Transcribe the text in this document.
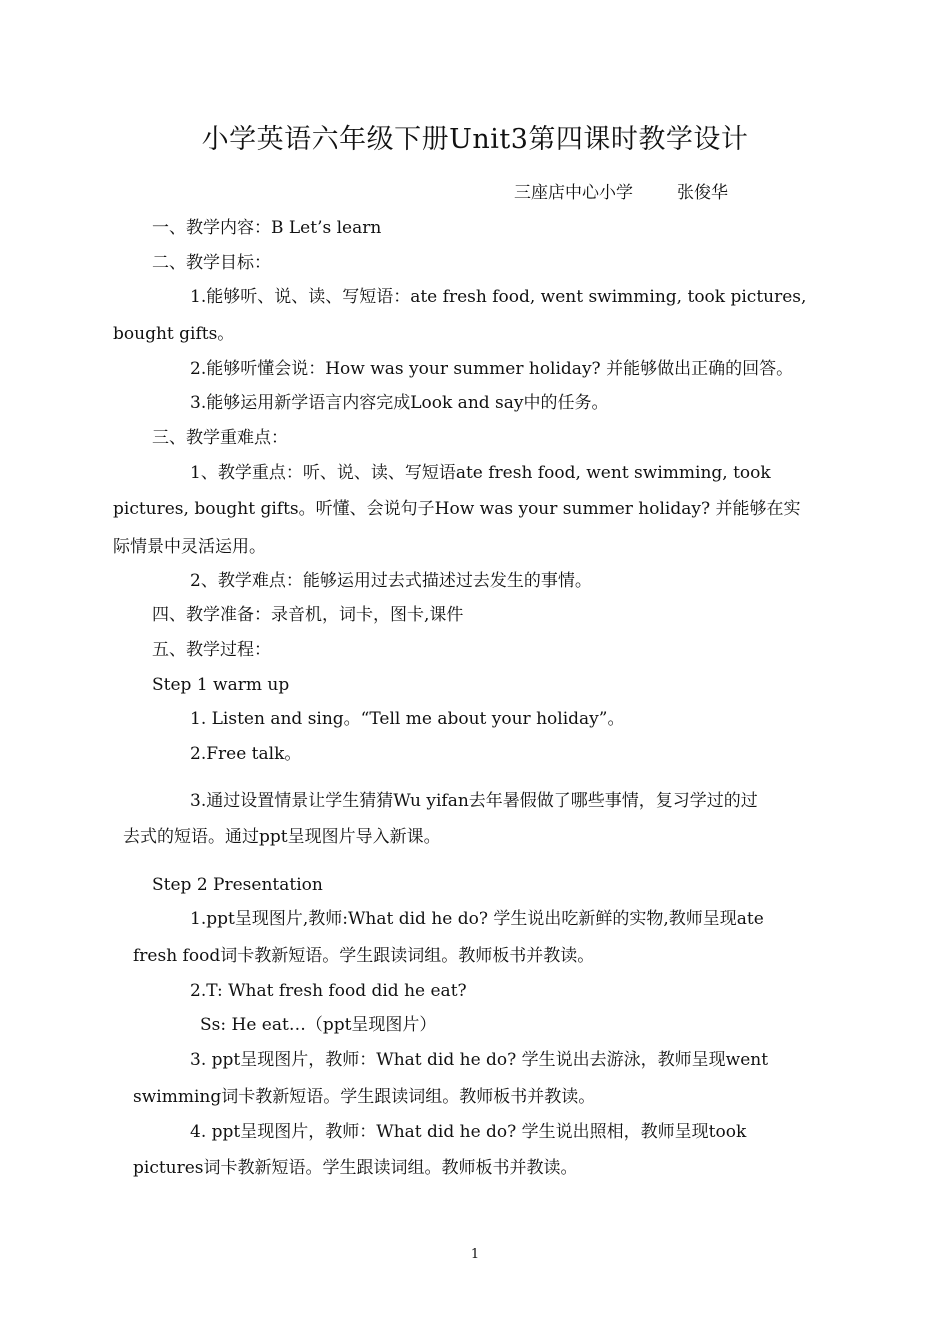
小学英语六年级下册Unit3第四课时教学设计
三座店中心小学	张俊华
一、教学内容：B Let’s learn
二、教学目标：
1.能够听、说、读、写短语：ate fresh food, went swimming, took pictures,
bought gifts。
2.能够听懂会说：How was your summer holiday? 并能够做出正确的回答。
3.能够运用新学语言内容完成Look and say中的任务。
三、教学重难点：
1、教学重点：听、说、读、写短语ate fresh food, went swimming, took
pictures, bought gifts。听懂、会说句子How was your summer holiday? 并能够在实
际情景中灵活运用。
2、教学难点：能够运用过去式描述过去发生的事情。
四、教学准备：录音机，词卡，图卡,课件
五、教学过程：
Step 1 warm up
1. Listen and sing。“Tell me about your holiday”。
2.Free talk。
3.通过设置情景让学生猜猜Wu yifan去年暑假做了哪些事情，复习学过的过
去式的短语。通过ppt呈现图片导入新课。
Step 2 Presentation
1.ppt呈现图片,教师:What did he do? 学生说出吃新鲜的实物,教师呈现ate
fresh food词卡教新短语。学生跟读词组。教师板书并教读。
2.T: What fresh food did he eat?
Ss: He eat…（ppt呈现图片）
3. ppt呈现图片，教师：What did he do? 学生说出去游泳，教师呈现went
swimming词卡教新短语。学生跟读词组。教师板书并教读。
4. ppt呈现图片，教师：What did he do? 学生说出照相，教师呈现took
pictures词卡教新短语。学生跟读词组。教师板书并教读。
1
